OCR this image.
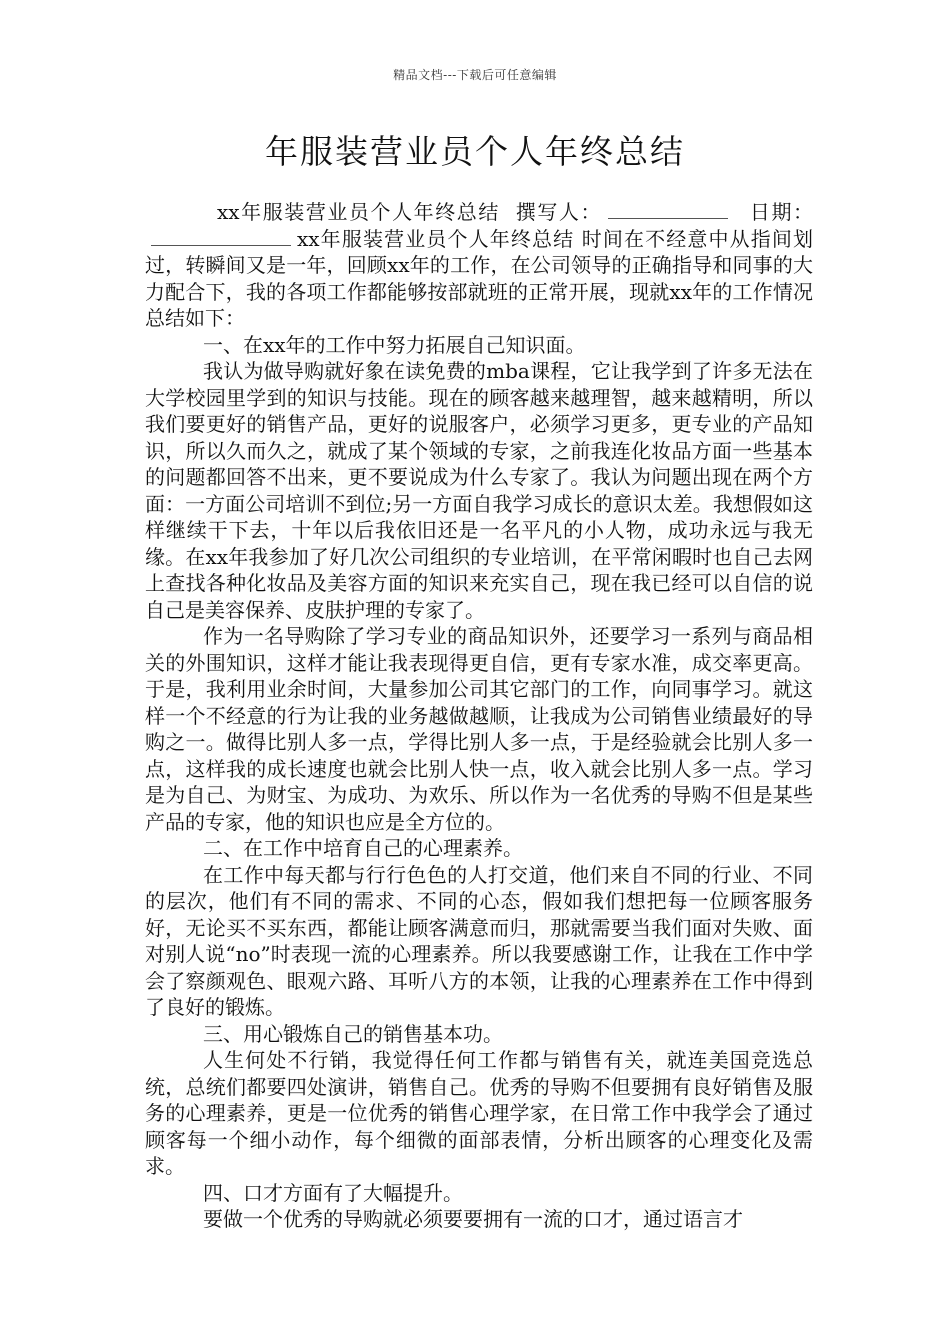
精品文档---下载后可任意编辑
年服装营业员个人年终总结
xx年服装营业员个人年终总结 撰写人：	日期：xx年服装营业员个人年终总结 时间在不经意中从指间划过，转瞬间又是一年，回顾xx年的工作，在公司领导的正确指导和同事的大力配合下，我的各项工作都能够按部就班的正常开展，现就xx年的工作情况总结如下：

一、在xx年的工作中努力拓展自己知识面。

我认为做导购就好象在读免费的mba课程，它让我学到了许多无法在大学校园里学到的知识与技能。现在的顾客越来越理智，越来越精明，所以我们要更好的销售产品，更好的说服客户，必须学习更多，更专业的产品知识，所以久而久之，就成了某个领域的专家，之前我连化妆品方面一些基本的问题都回答不出来，更不要说成为什么专家了。我认为问题出现在两个方面：一方面公司培训不到位;另一方面自我学习成长的意识太差。我想假如这样继续干下去，十年以后我依旧还是一名平凡的小人物，成功永远与我无缘。在xx年我参加了好几次公司组织的专业培训，在平常闲暇时也自己去网上查找各种化妆品及美容方面的知识来充实自己，现在我已经可以自信的说自己是美容保养、皮肤护理的专家了。

作为一名导购除了学习专业的商品知识外，还要学习一系列与商品相关的外围知识，这样才能让我表现得更自信，更有专家水准，成交率更高。于是，我利用业余时间，大量参加公司其它部门的工作，向同事学习。就这样一个不经意的行为让我的业务越做越顺，让我成为公司销售业绩最好的导购之一。做得比别人多一点，学得比别人多一点，于是经验就会比别人多一点，这样我的成长速度也就会比别人快一点，收入就会比别人多一点。学习是为自己、为财宝、为成功、为欢乐、所以作为一名优秀的导购不但是某些产品的专家，他的知识也应是全方位的。

二、在工作中培育自己的心理素养。

在工作中每天都与行行色色的人打交道，他们来自不同的行业、不同的层次，他们有不同的需求、不同的心态，假如我们想把每一位顾客服务好，无论买不买东西，都能让顾客满意而归，那就需要当我们面对失败、面对别人说“no”时表现一流的心理素养。所以我要感谢工作，让我在工作中学会了察颜观色、眼观六路、耳听八方的本领，让我的心理素养在工作中得到了良好的锻炼。

三、用心锻炼自己的销售基本功。

人生何处不行销，我觉得任何工作都与销售有关，就连美国竞选总统，总统们都要四处演讲，销售自己。优秀的导购不但要拥有良好销售及服务的心理素养，更是一位优秀的销售心理学家，在日常工作中我学会了通过顾客每一个细小动作，每个细微的面部表情，分析出顾客的心理变化及需求。

四、口才方面有了大幅提升。

要做一个优秀的导购就必须要要拥有一流的口才，通过语言才
